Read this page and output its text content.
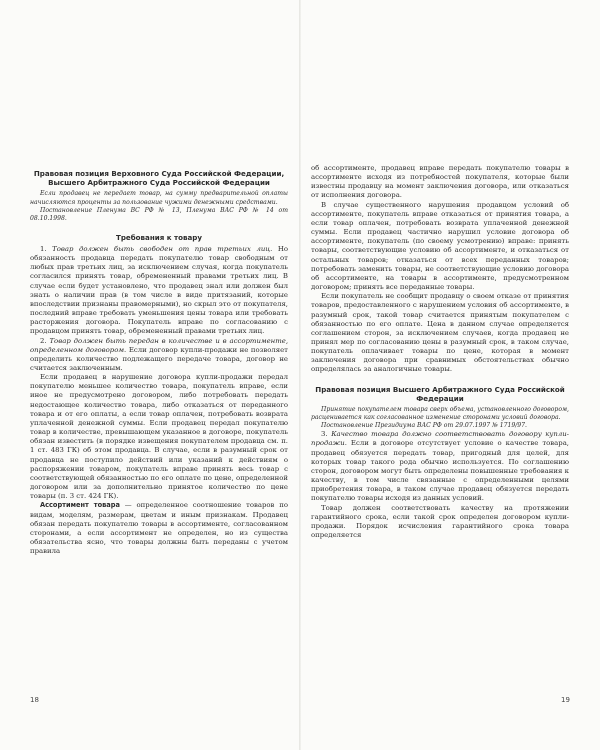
Правовая позиция Верховного Суда Российской Федерации, Высшего Арбитражного Суда Российской Федерации

Если продавец не передает товар, на сумму предварительной оплаты начисляются проценты за пользование чужими денежными средствами.

Постановление Пленума ВС РФ № 13, Пленума ВАС РФ № 14 от 08.10.1998.

Требования к товару

1. Товар должен быть свободен от прав третьих лиц. Но обязанность продавца передать покупателю товар свободным от любых прав третьих лиц, за исключением случая, когда покупатель согласился принять товар, обремененный правами третьих лиц. В случае если будет установлено, что продавец знал или должен был знать о наличии прав (в том числе в виде притязаний, которые впоследствии признаны правомерными), но скрыл это от покупателя, последний вправе требовать уменьшения цены товара или требовать расторжения договора. Покупатель вправе по согласованию с продавцом принять товар, обремененный правами третьих лиц.

2. Товар должен быть передан в количестве и в ассортименте, определенном договором. Если договор купли-продажи не позволяет определить количество подлежащего передаче товара, договор не считается заключенным.

Если продавец в нарушение договора купли-продажи передал покупателю меньшее количество товара, покупатель вправе, если иное не предусмотрено договором, либо потребовать передать недостающее количество товара, либо отказаться от переданного товара и от его оплаты, а если товар оплачен, потребовать возврата уплаченной денежной суммы. Если продавец передал покупателю товар в количестве, превышающем указанное в договоре, покупатель обязан известить (в порядке извещения покупателем продавца см. п. 1 ст. 483 ГК) об этом продавца. В случае, если в разумный срок от продавца не поступило действий или указаний к действиям о распоряжении товаром, покупатель вправе принять весь товар с соответствующей обязанностью по его оплате по цене, определенной договором или за дополнительно принятое количество по цене товары (п. 3 ст. 424 ГК).

Ассортимент товара — определенное соотношение товаров по видам, моделям, размерам, цветам и иным признакам. Продавец обязан передать покупателю товары в ассортименте, согласованном сторонами, а если ассортимент не определен, но из существа обязательства ясно, что товары должны быть переданы с учетом правила

18

об ассортименте, продавец вправе передать покупателю товары в ассортименте исходя из потребностей покупателя, которые были известны продавцу на момент заключения договора, или отказаться от исполнения договора.

В случае существенного нарушения продавцом условий об ассортименте, покупатель вправе отказаться от принятия товара, а если товар оплачен, потребовать возврата уплаченной денежной суммы. Если продавец частично нарушил условие договора об ассортименте, покупатель (по своему усмотрению) вправе: принять товары, соответствующие условию об ассортименте, и отказаться от остальных товаров; отказаться от всех переданных товаров; потребовать заменить товары, не соответствующие условию договора об ассортименте, на товары в ассортименте, предусмотренном договором; принять все переданные товары.

Если покупатель не сообщит продавцу о своем отказе от принятия товаров, предоставленного с нарушением условия об ассортименте, в разумный срок, такой товар считается принятым покупателем с обязанностью по его оплате. Цена в данном случае определяется соглашением сторон, за исключением случаев, когда продавец не принял мер по согласованию цены в разумный срок, в таком случае, покупатель оплачивает товары по цене, которая в момент заключения договора при сравнимых обстоятельствах обычно определялась за аналогичные товары.

Правовая позиция Высшего Арбитражного Суда Российской Федерации

Принятие покупателем товара сверх объема, установленного договором, расценивается как согласованное изменение сторонами условий договора.

Постановление Президиума ВАС РФ от 29.07.1997 № 1719/97.

3. Качество товара должно соответствовать договору купли-продажи. Если в договоре отсутствует условие о качестве товара, продавец обязуется передать товар, пригодный для целей, для которых товар такого рода обычно используется. По соглашению сторон, договором могут быть определены повышенные требования к качеству, в том числе связанные с определенными целями приобретения товара, в таком случае продавец обязуется передать покупателю товары исходя из данных условий.

Товар должен соответствовать качеству на протяжении гарантийного срока, если такой срок определен договором купли-продажи. Порядок исчисления гарантийного срока товара определяется

19
